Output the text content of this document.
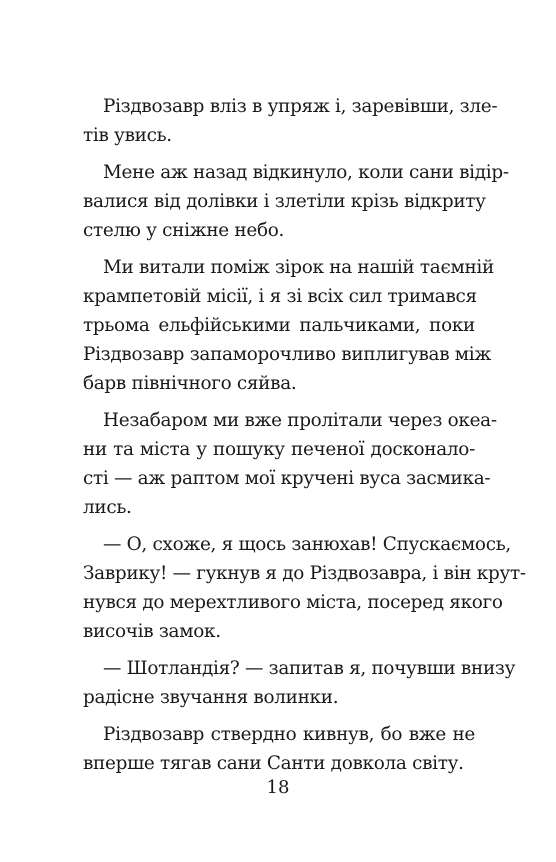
Різдвозавр вліз в упряж і, заревівши, зле-
тів увись.
Мене аж назад відкинуло, коли сани відір-
валися від долівки і злетіли крізь відкриту
стелю у сніжне небо.
Ми витали поміж зірок на нашій таємній
крампетовій місії, і я зі всіх сил тримався
трьома ельфійськими пальчиками, поки
Різдвозавр запаморочливо виплигував між
барв північного сяйва.
Незабаром ми вже пролітали через океа-
ни та міста у пошуку печеної досконало-
сті — аж раптом мої кручені вуса засмика-
лись.
— О, схоже, я щось занюхав! Спускаємось,
Заврику! — гукнув я до Різдвозавра, і він крут-
нувся до мерехтливого міста, посеред якого
височів замок.
— Шотландія? — запитав я, почувши внизу
радісне звучання волинки.
Різдвозавр ствердно кивнув, бо вже не
вперше тягав сани Санти довкола світу.
18
